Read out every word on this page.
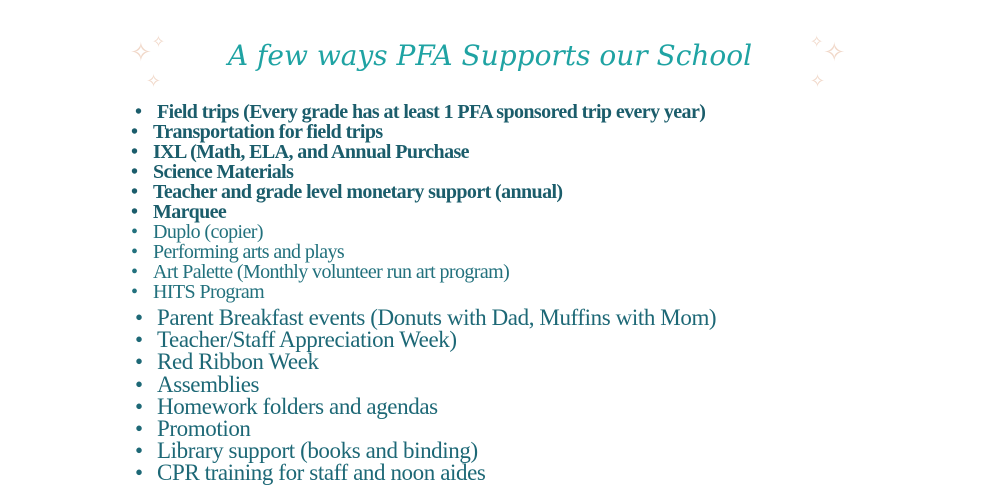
✧✧
✧
A few ways PFA Supports our School	✧✧
✧
• Field trips (Every grade has at least 1 PFA sponsored trip every year)
• Transportation for field trips
• IXL (Math, ELA, and Annual Purchase
• Science Materials
• Teacher and grade level monetary support (annual)
• Marquee
• Duplo (copier)
• Performing arts and plays
• Art Palette (Monthly volunteer run art program)
• HITS Program
• Parent Breakfast events (Donuts with Dad, Muffins with Mom)
• Teacher/Staff Appreciation Week)
• Red Ribbon Week
• Assemblies
• Homework folders and agendas
• Promotion
• Library support (books and binding)
• CPR training for staff and noon aides
